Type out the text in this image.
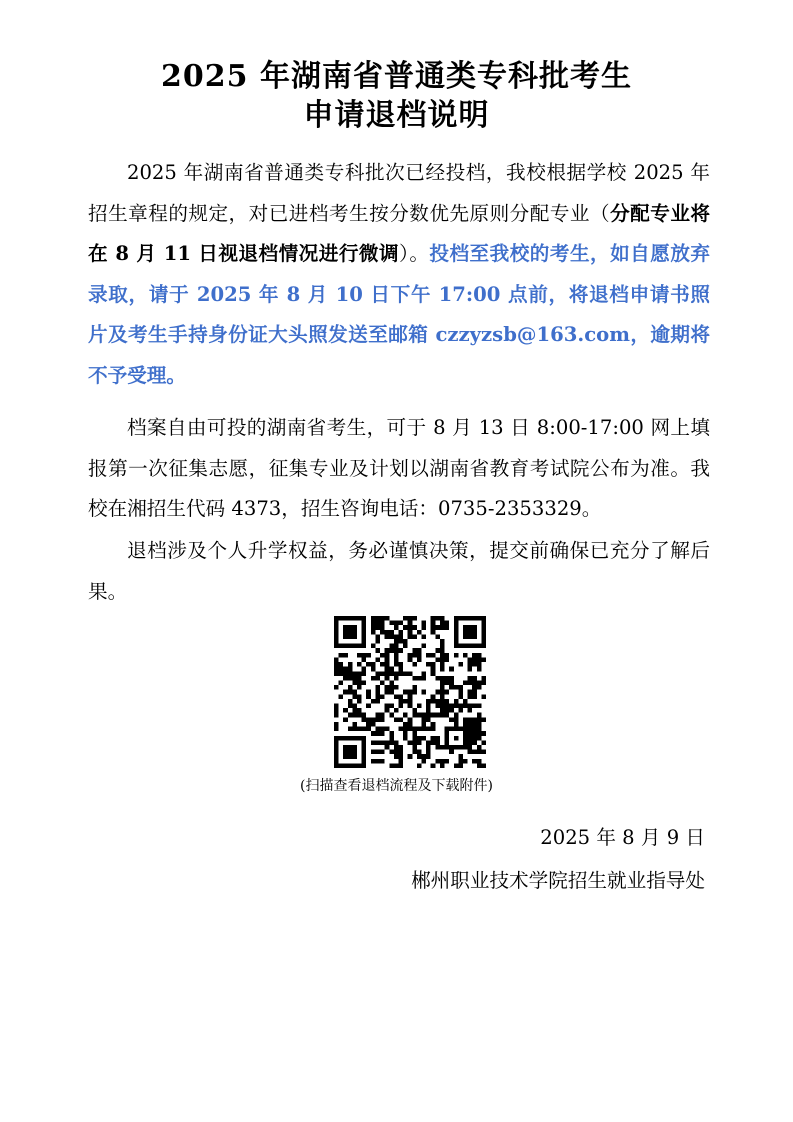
2025 年湖南省普通类专科批考生
申请退档说明

2025 年湖南省普通类专科批次已经投档，我校根据学校 2025 年招生章程的规定，对已进档考生按分数优先原则分配专业（分配专业将在 8 月 11 日视退档情况进行微调）。投档至我校的考生，如自愿放弃录取，请于 2025 年 8 月 10 日下午 17:00 点前，将退档申请书照片及考生手持身份证大头照发送至邮箱 czzyzsb@163.com，逾期将不予受理。

档案自由可投的湖南省考生，可于 8 月 13 日 8:00-17:00 网上填报第一次征集志愿，征集专业及计划以湖南省教育考试院公布为准。我校在湘招生代码 4373，招生咨询电话：0735-2353329。

退档涉及个人升学权益，务必谨慎决策，提交前确保已充分了解后果。

(扫描查看退档流程及下载附件)
2025 年 8 月 9 日
郴州职业技术学院招生就业指导处
